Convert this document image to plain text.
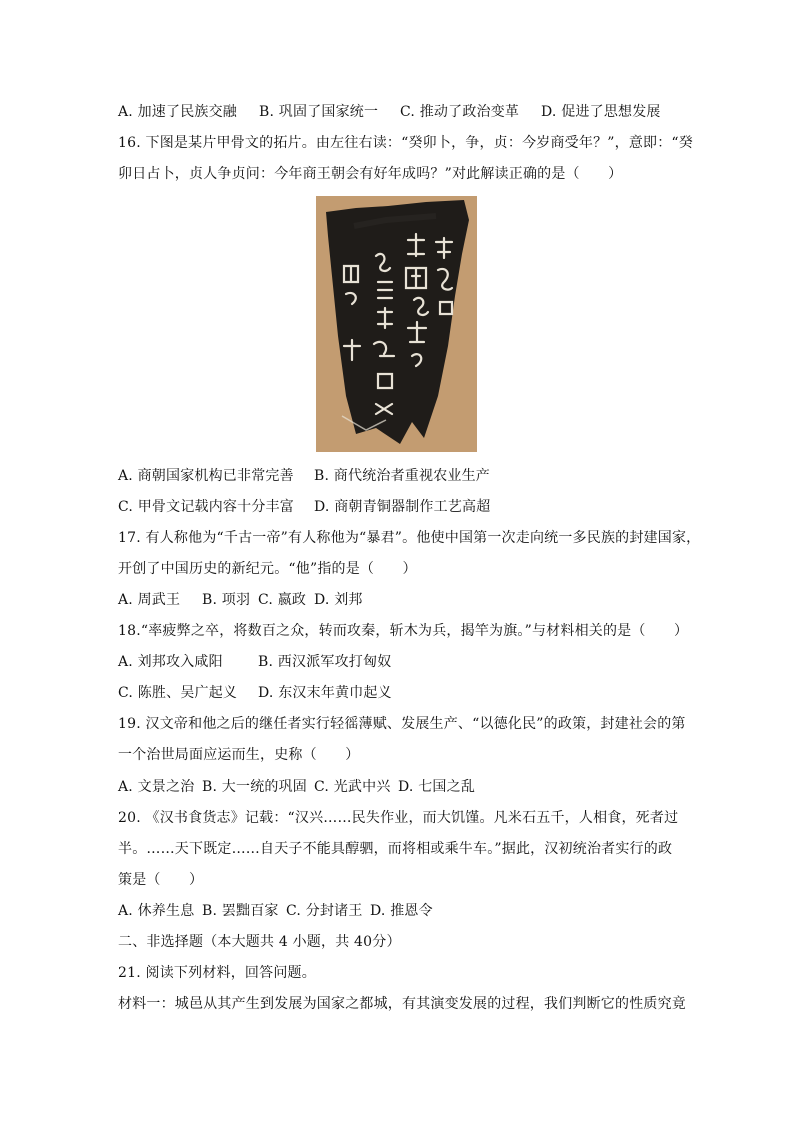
A. 加速了民族交融 B. 巩固了国家统一 C. 推动了政治变革 D. 促进了思想发展
16. 下图是某片甲骨文的拓片。由左往右读：“癸卯卜，争，贞：今岁商受年？”，意即：“癸
卯日占卜，贞人争贞问：今年商王朝会有好年成吗？”对此解读正确的是（　　）
A. 商朝国家机构已非常完善 B. 商代统治者重视农业生产
C. 甲骨文记载内容十分丰富 D. 商朝青铜器制作工艺高超
17. 有人称他为“千古一帝”有人称他为“暴君”。他使中国第一次走向统一多民族的封建国家，
开创了中国历史的新纪元。“他”指的是（　　）
A. 周武王 B. 项羽 C. 嬴政 D. 刘邦
18.“率疲弊之卒，将数百之众，转而攻秦，斩木为兵，揭竿为旗。”与材料相关的是（　　）
A. 刘邦攻入咸阳	B. 西汉派军攻打匈奴
C. 陈胜、吴广起义 D. 东汉末年黄巾起义
19. 汉文帝和他之后的继任者实行轻徭薄赋、发展生产、“以德化民”的政策，封建社会的第
一个治世局面应运而生，史称（　　）
A. 文景之治 B. 大一统的巩固 C. 光武中兴 D. 七国之乱
20. 《汉书食货志》记载：“汉兴……民失作业，而大饥馑。凡米石五千，人相食，死者过
半。……天下既定……自天子不能具醇驷，而将相或乘牛车。”据此，汉初统治者实行的政
策是（　　）
A. 休养生息 B. 罢黜百家 C. 分封诸王 D. 推恩令
二、非选择题（本大题共 4 小题，共 40分）
21. 阅读下列材料，回答问题。
材料一：城邑从其产生到发展为国家之都城，有其演变发展的过程，我们判断它的性质究竟
